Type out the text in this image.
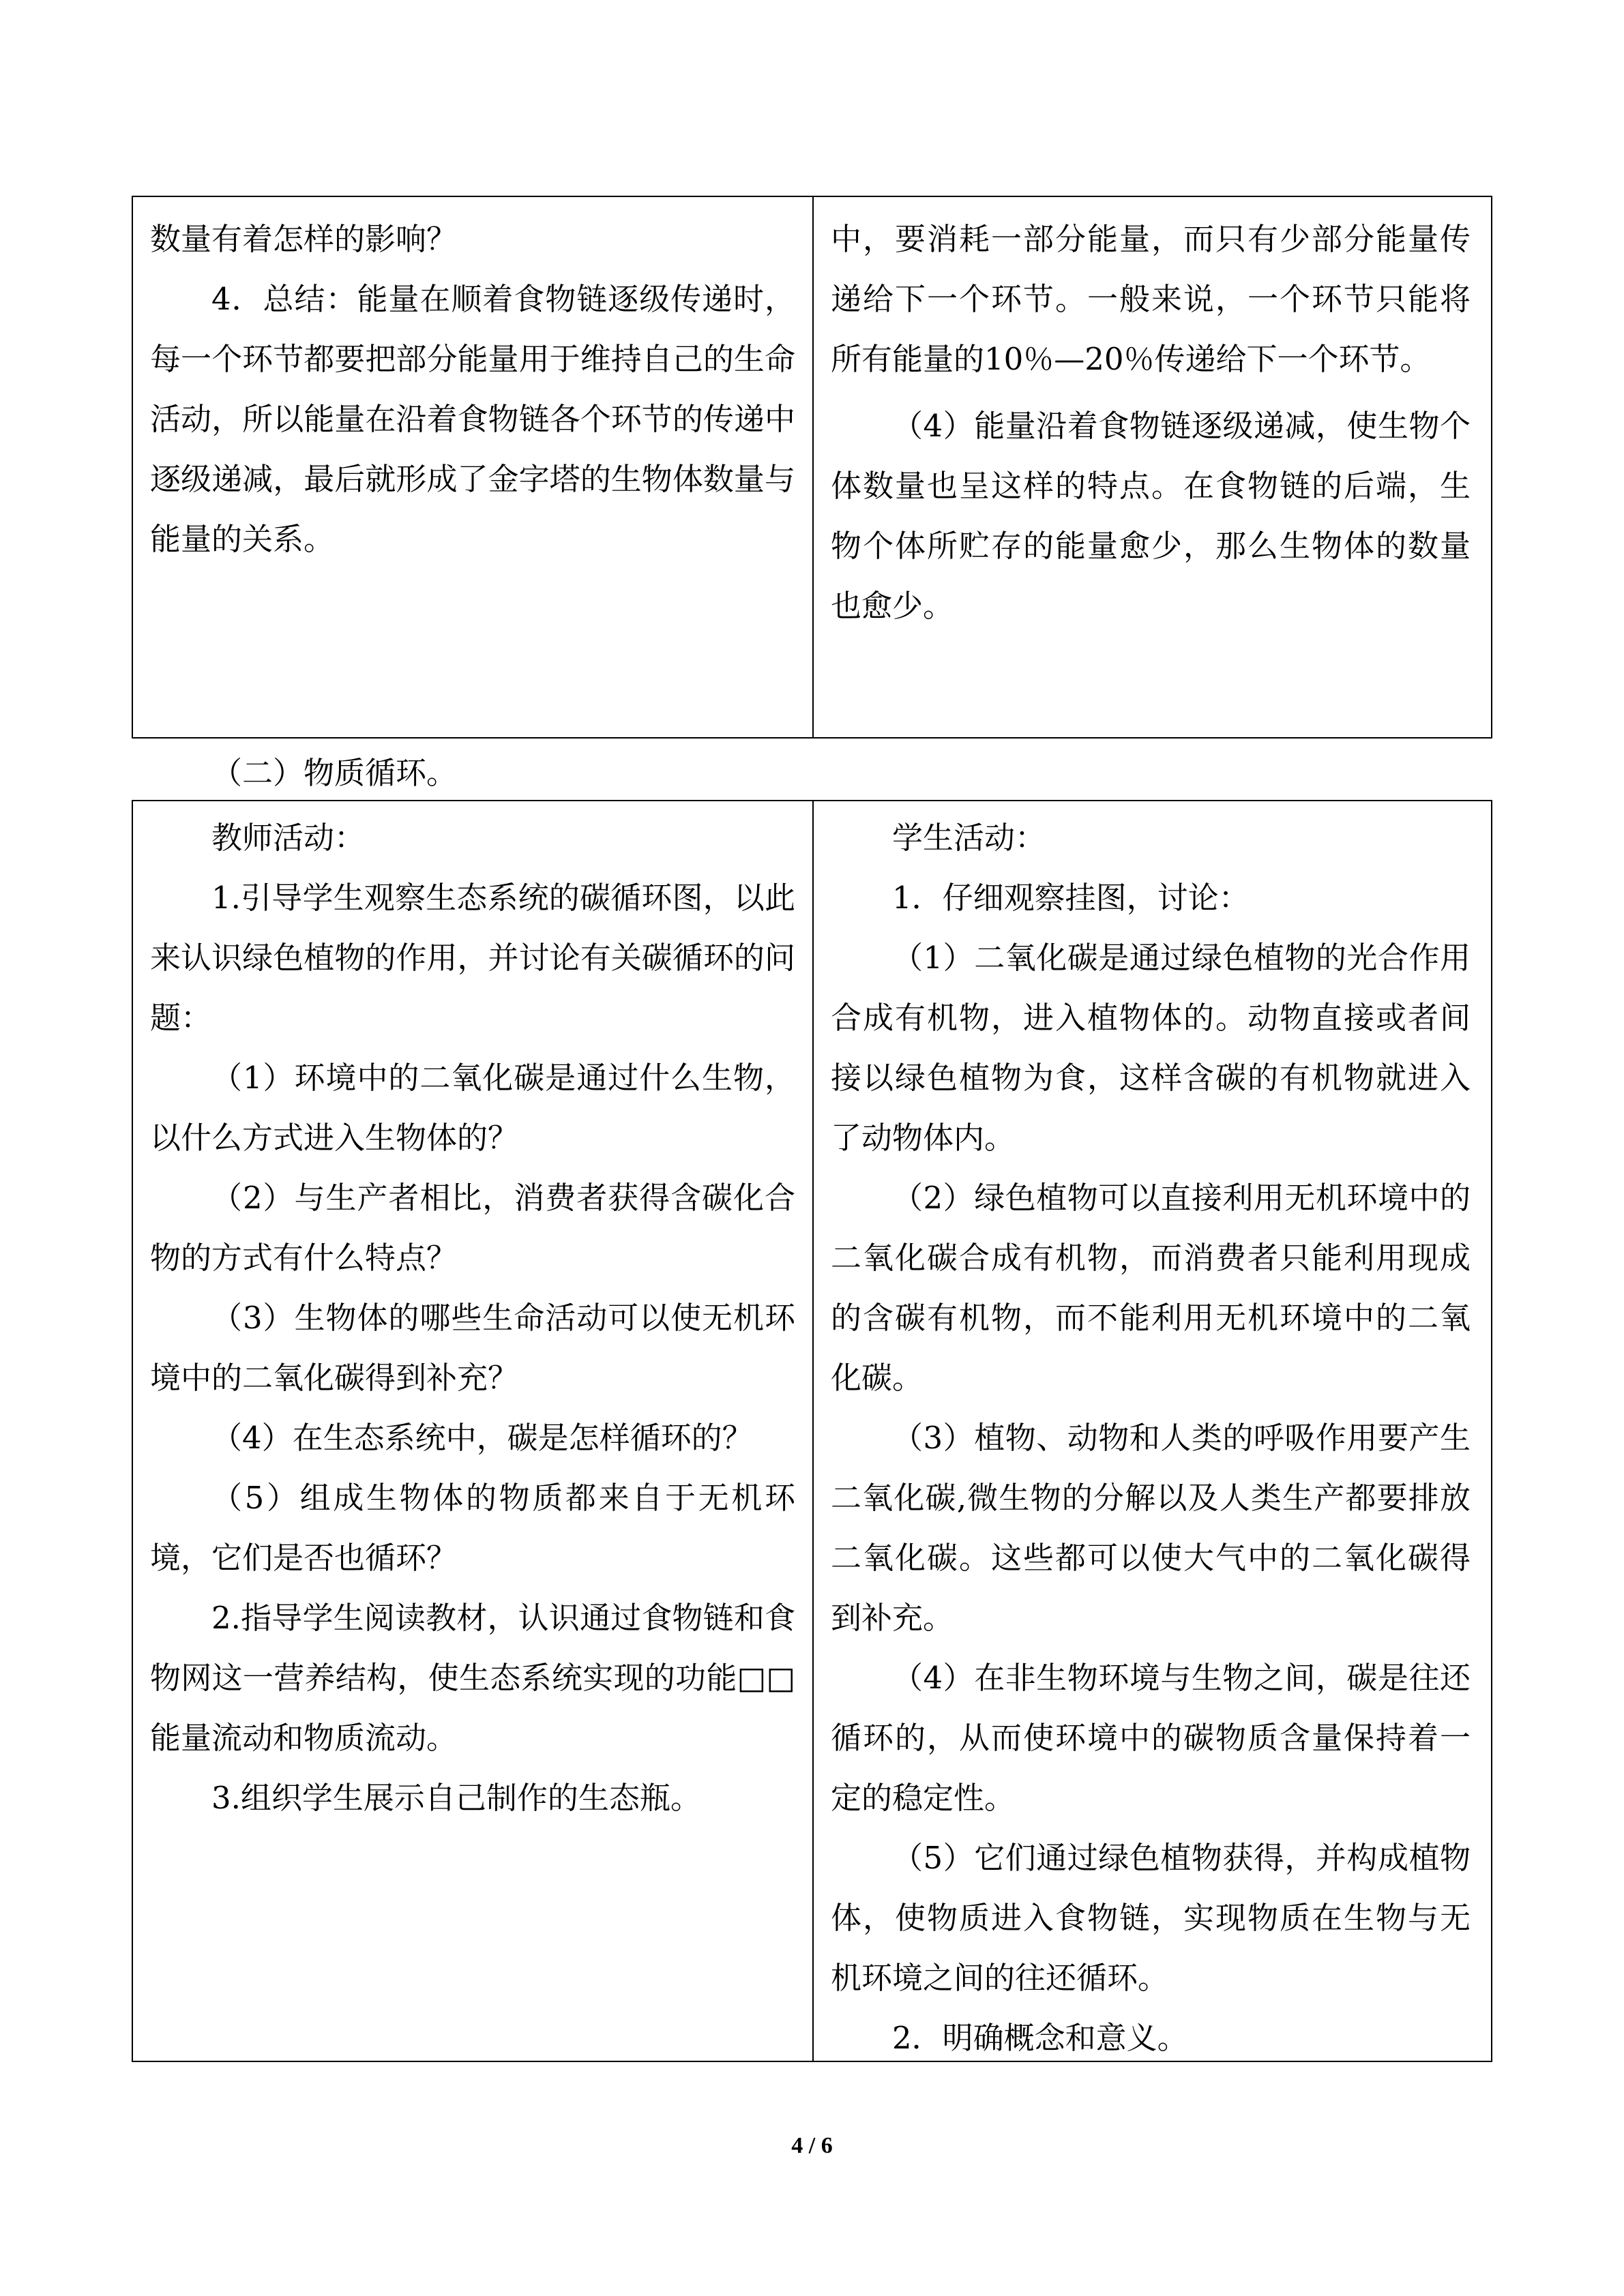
数量有着怎样的影响？

4．总结：能量在顺着食物链逐级传递时，每一个环节都要把部分能量用于维持自己的生命活动，所以能量在沿着食物链各个环节的传递中逐级递减，最后就形成了金字塔的生物体数量与能量的关系。

中，要消耗一部分能量，而只有少部分能量传递给下一个环节。一般来说，一个环节只能将所有能量的10％—20％传递给下一个环节。

（4）能量沿着食物链逐级递减，使生物个体数量也呈这样的特点。在食物链的后端，生物个体所贮存的能量愈少，那么生物体的数量也愈少。

（二）物质循环。

教师活动：

1.引导学生观察生态系统的碳循环图，以此来认识绿色植物的作用，并讨论有关碳循环的问题：

（1）环境中的二氧化碳是通过什么生物，以什么方式进入生物体的？

（2）与生产者相比，消费者获得含碳化合物的方式有什么特点？

（3）生物体的哪些生命活动可以使无机环境中的二氧化碳得到补充？

（4）在生态系统中，碳是怎样循环的？

（5）组成生物体的物质都来自于无机环境，它们是否也循环？

2.指导学生阅读教材，认识通过食物链和食物网这一营养结构，使生态系统实现的功能□□能量流动和物质流动。

3.组织学生展示自己制作的生态瓶。

学生活动：

1．仔细观察挂图，讨论：

（1）二氧化碳是通过绿色植物的光合作用合成有机物，进入植物体的。动物直接或者间接以绿色植物为食，这样含碳的有机物就进入了动物体内。

（2）绿色植物可以直接利用无机环境中的二氧化碳合成有机物，而消费者只能利用现成的含碳有机物，而不能利用无机环境中的二氧化碳。

（3）植物、动物和人类的呼吸作用要产生二氧化碳,微生物的分解以及人类生产都要排放二氧化碳。这些都可以使大气中的二氧化碳得到补充。

（4）在非生物环境与生物之间，碳是往还循环的，从而使环境中的碳物质含量保持着一定的稳定性。

（5）它们通过绿色植物获得，并构成植物体，使物质进入食物链，实现物质在生物与无机环境之间的往还循环。

2．明确概念和意义。

4 / 6
